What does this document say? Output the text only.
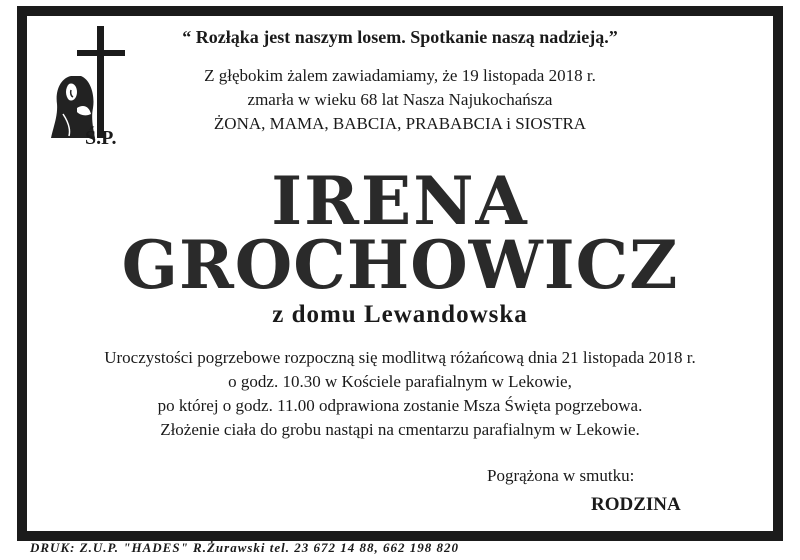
“ Rozłąka jest naszym losem. Spotkanie naszą nadzieją.”
Z głębokim żalem zawiadamiamy, że 19 listopada 2018 r.
zmarła w wieku 68 lat Nasza Najukochańsza
ŻONA, MAMA, BABCIA, PRABABCIA i SIOSTRA
Ś.P.
IRENA
GROCHOWICZ
z domu Lewandowska
Uroczystości pogrzebowe rozpoczną się modlitwą różańcową dnia 21 listopada 2018 r.
o godz. 10.30 w Kościele parafialnym w Lekowie,
po której o godz. 11.00 odprawiona zostanie Msza Święta pogrzebowa.
Złożenie ciała do grobu nastąpi na cmentarzu parafialnym w Lekowie.
Pogrążona w smutku:
RODZINA
DRUK: Z.U.P. "HADES" R.Żurawski tel. 23 672 14 88, 662 198 820
